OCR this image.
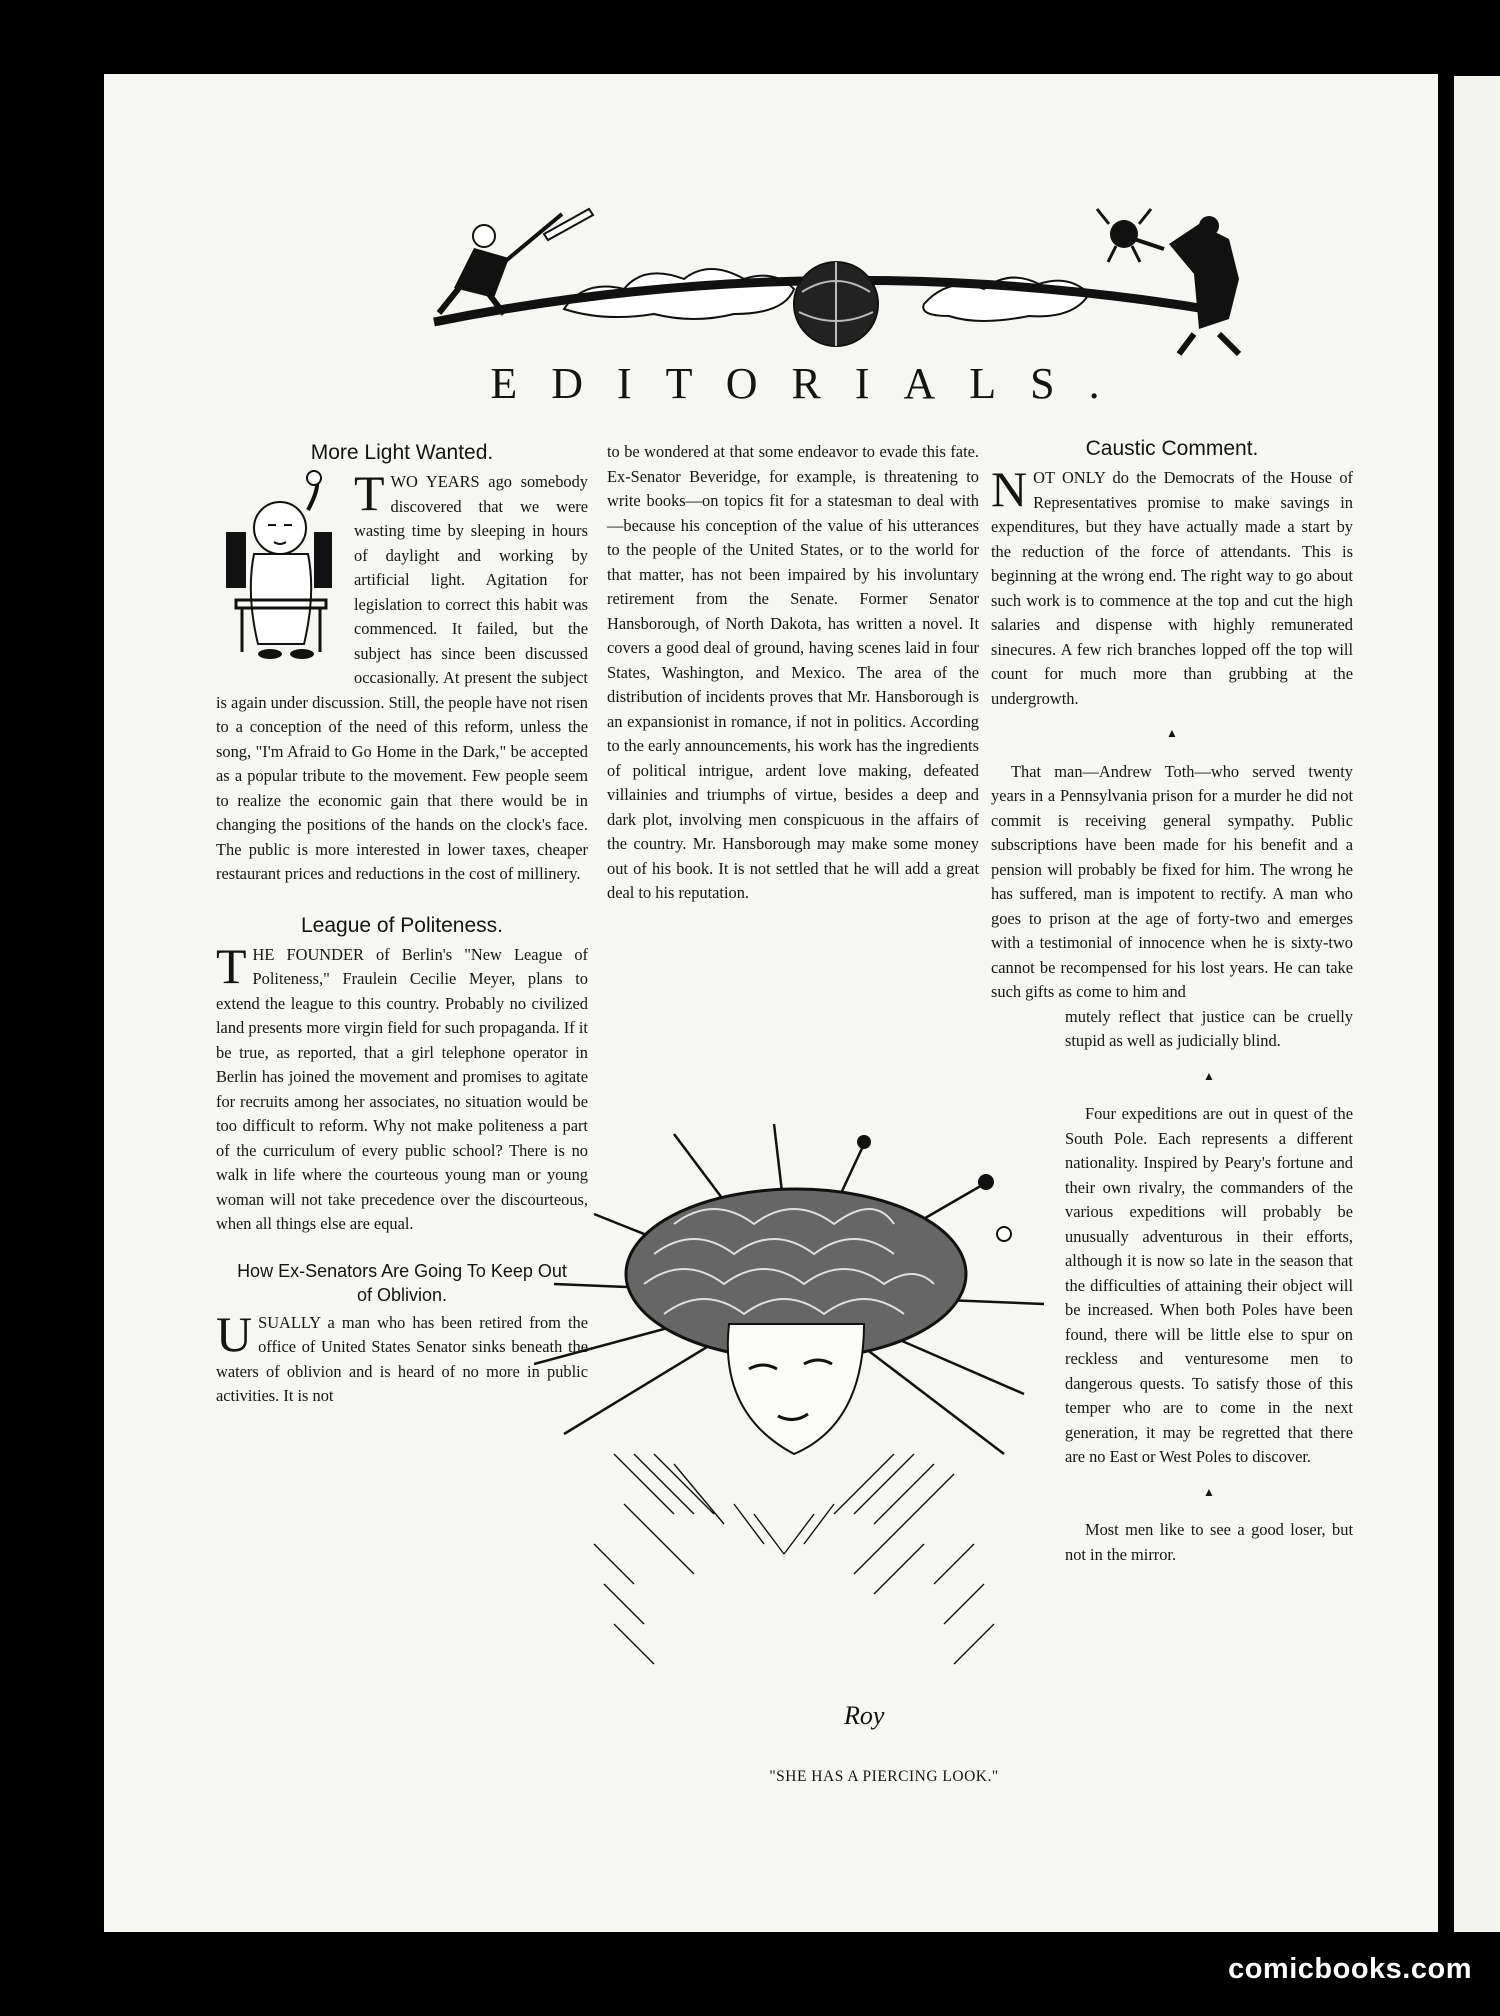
EDITORIALS.
More Light Wanted.

TWO YEARS ago somebody discovered that we were wasting time by sleeping in hours of daylight and working by artificial light. Agitation for legislation to correct this habit was commenced. It failed, but the subject has since been discussed occasionally. At present the subject is again under discussion. Still, the people have not risen to a conception of the need of this reform, unless the song, "I'm Afraid to Go Home in the Dark," be accepted as a popular tribute to the movement. Few people seem to realize the economic gain that there would be in changing the positions of the hands on the clock's face. The public is more interested in lower taxes, cheaper restaurant prices and reductions in the cost of millinery.

League of Politeness.

THE FOUNDER of Berlin's "New League of Politeness," Fraulein Cecilie Meyer, plans to extend the league to this country. Probably no civilized land presents more virgin field for such propaganda. If it be true, as reported, that a girl telephone operator in Berlin has joined the movement and promises to agitate for recruits among her associates, no situation would be too difficult to reform. Why not make politeness a part of the curriculum of every public school? There is no walk in life where the courteous young man or young woman will not take precedence over the discourteous, when all things else are equal.

How Ex-Senators Are Going To Keep Out of Oblivion.

USUALLY a man who has been retired from the office of United States Senator sinks beneath the waters of oblivion and is heard of no more in public activities. It is not

to be wondered at that some endeavor to evade this fate. Ex-Senator Beveridge, for example, is threatening to write books—on topics fit for a statesman to deal with—because his conception of the value of his utterances to the people of the United States, or to the world for that matter, has not been impaired by his involuntary retirement from the Senate. Former Senator Hansborough, of North Dakota, has written a novel. It covers a good deal of ground, having scenes laid in four States, Washington, and Mexico. The area of the distribution of incidents proves that Mr. Hansborough is an expansionist in romance, if not in politics. According to the early announcements, his work has the ingredients of political intrigue, ardent love making, defeated villainies and triumphs of virtue, besides a deep and dark plot, involving men conspicuous in the affairs of the country. Mr. Hansborough may make some money out of his book. It is not settled that he will add a great deal to his reputation.

Caustic Comment.

NOT ONLY do the Democrats of the House of Representatives promise to make savings in expenditures, but they have actually made a start by the reduction of the force of attendants. This is beginning at the wrong end. The right way to go about such work is to commence at the top and cut the high salaries and dispense with highly remunerated sinecures. A few rich branches lopped off the top will count for much more than grubbing at the undergrowth.

▲

That man—Andrew Toth—who served twenty years in a Pennsylvania prison for a murder he did not commit is receiving general sympathy. Public subscriptions have been made for his benefit and a pension will probably be fixed for him. The wrong he has suffered, man is impotent to rectify. A man who goes to prison at the age of forty-two and emerges with a testimonial of innocence when he is sixty-two cannot be recompensed for his lost years. He can take such gifts as come to him and

mutely reflect that justice can be cruelly stupid as well as judicially blind.

▲

Four expeditions are out in quest of the South Pole. Each represents a different nationality. Inspired by Peary's fortune and their own rivalry, the commanders of the various expeditions will probably be unusually adventurous in their efforts, although it is now so late in the season that the difficulties of attaining their object will be increased. When both Poles have been found, there will be little else to spur on reckless and venturesome men to dangerous quests. To satisfy those of this temper who are to come in the next generation, it may be regretted that there are no East or West Poles to discover.

▲

Most men like to see a good loser, but not in the mirror.

Roy
"SHE HAS A PIERCING LOOK."
comicbooks.com
